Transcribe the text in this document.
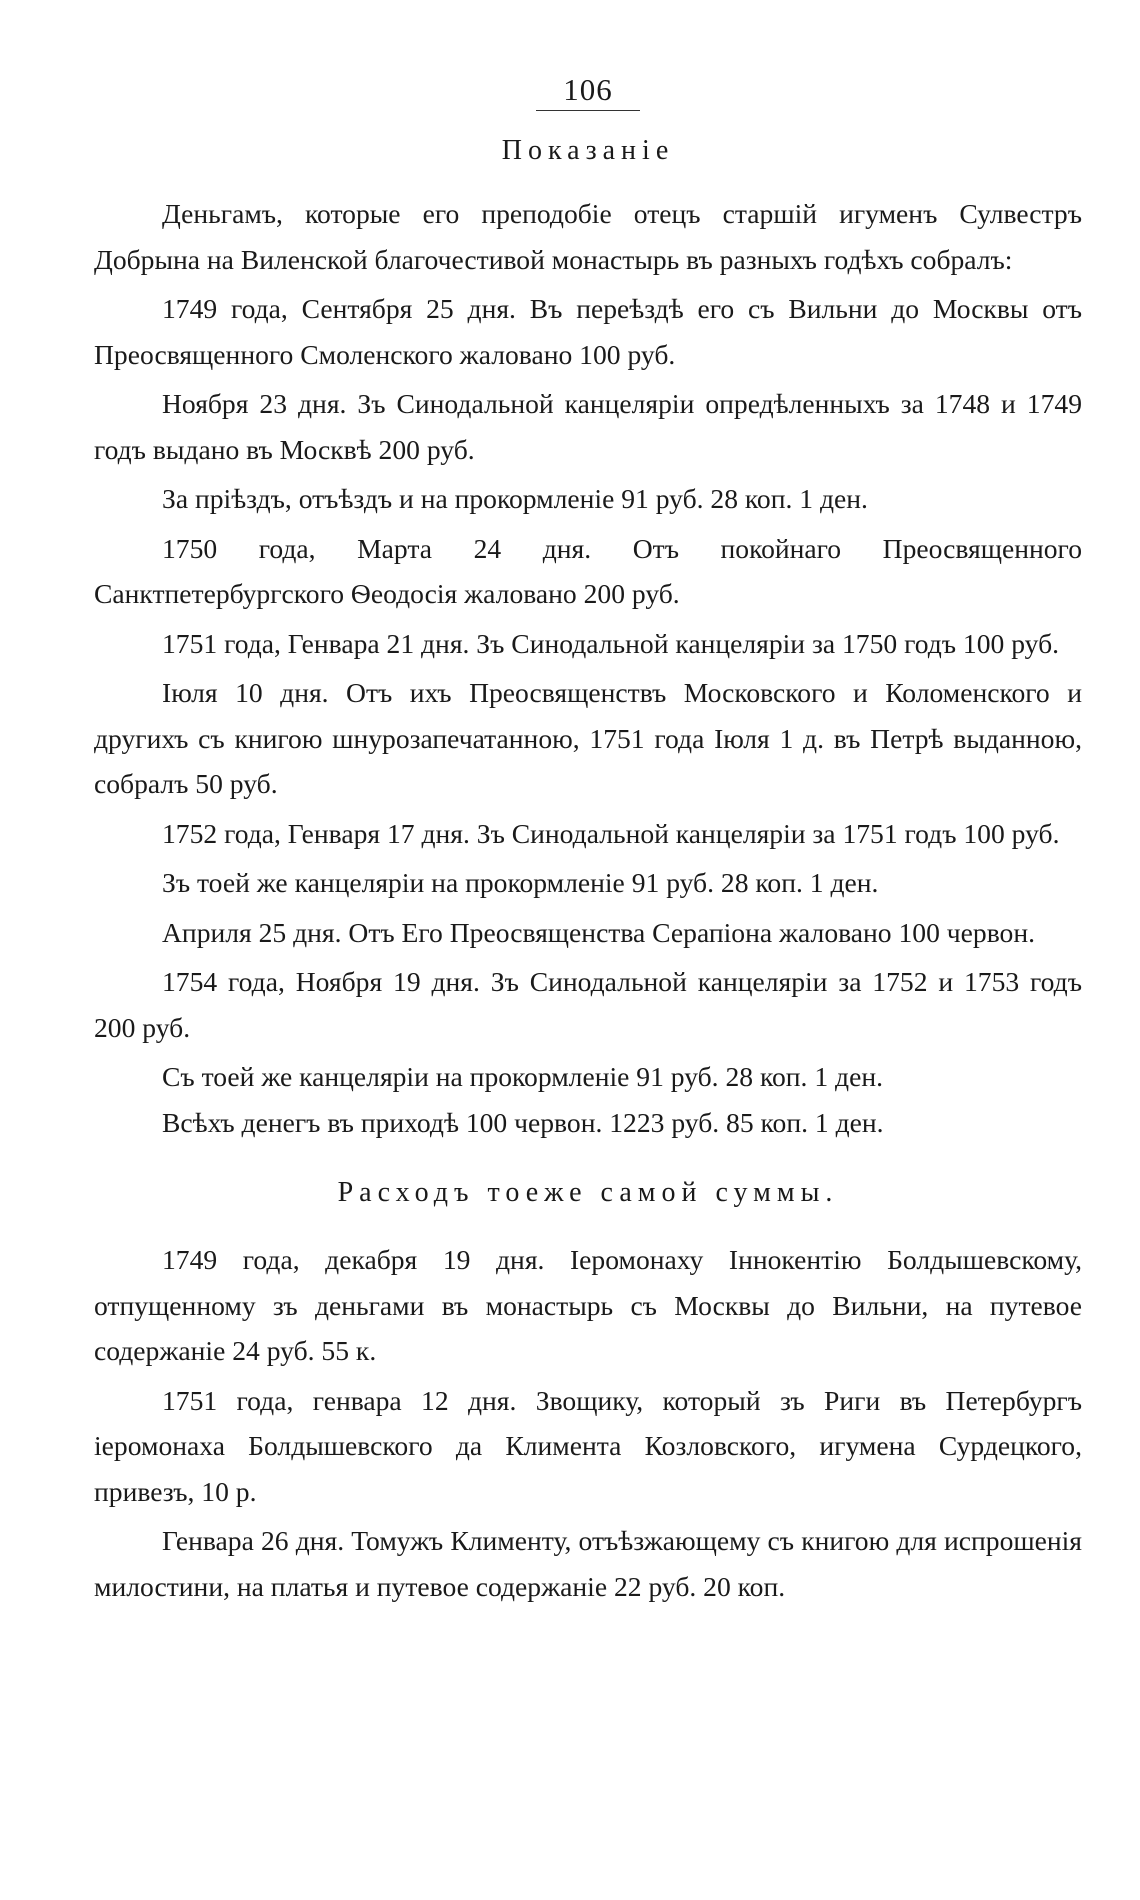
106
Показаніе

Деньгамъ, которые его преподобіе отецъ старшій игуменъ Сулвестръ Добрына на Виленской благочестивой монастырь въ разныхъ годѣхъ собралъ:

1749 года, Сентября 25 дня. Въ переѣздѣ его съ Вильни до Москвы отъ Преосвященного Смоленского жаловано 100 руб.

Ноября 23 дня. Зъ Синодальной канцеляріи опредѣленныхъ за 1748 и 1749 годъ выдано въ Москвѣ 200 руб.

За пріѣздъ, отъѣздъ и на прокормленіе 91 руб. 28 коп. 1 ден.

1750 года, Марта 24 дня. Отъ покойнаго Преосвященного Санктпетербургского Ѳеодосія жаловано 200 руб.

1751 года, Генвара 21 дня. Зъ Синодальной канцеляріи за 1750 годъ 100 руб.

Іюля 10 дня. Отъ ихъ Преосвященствъ Московского и Коломенского и другихъ съ книгою шнурозапечатанною, 1751 года Іюля 1 д. въ Петрѣ выданною, собралъ 50 руб.

1752 года, Генваря 17 дня. Зъ Синодальной канцеляріи за 1751 годъ 100 руб.

Зъ тоей же канцеляріи на прокормленіе 91 руб. 28 коп. 1 ден.

Априля 25 дня. Отъ Его Преосвященства Серапіона жаловано 100 червон.

1754 года, Ноября 19 дня. Зъ Синодальной канцеляріи за 1752 и 1753 годъ 200 руб.

Съ тоей же канцеляріи на прокормленіе 91 руб. 28 коп. 1 ден.

Всѣхъ денегъ въ приходѣ 100 червон. 1223 руб. 85 коп. 1 ден.

Расходъ тоеже самой суммы.

1749 года, декабря 19 дня. Іеромонаху Іннокентію Болдышевскому, отпущенному зъ деньгами въ монастырь съ Москвы до Вильни, на путевое содержаніе 24 руб. 55 к.

1751 года, генвара 12 дня. Звощику, который зъ Риги въ Петербургъ іеромонаха Болдышевского да Климента Козловского, игумена Сурдецкого, привезъ, 10 р.

Генвара 26 дня. Томужъ Клименту, отъѣзжающему съ книгою для испрошенія милостини, на платья и путевое содержаніе 22 руб. 20 коп.
